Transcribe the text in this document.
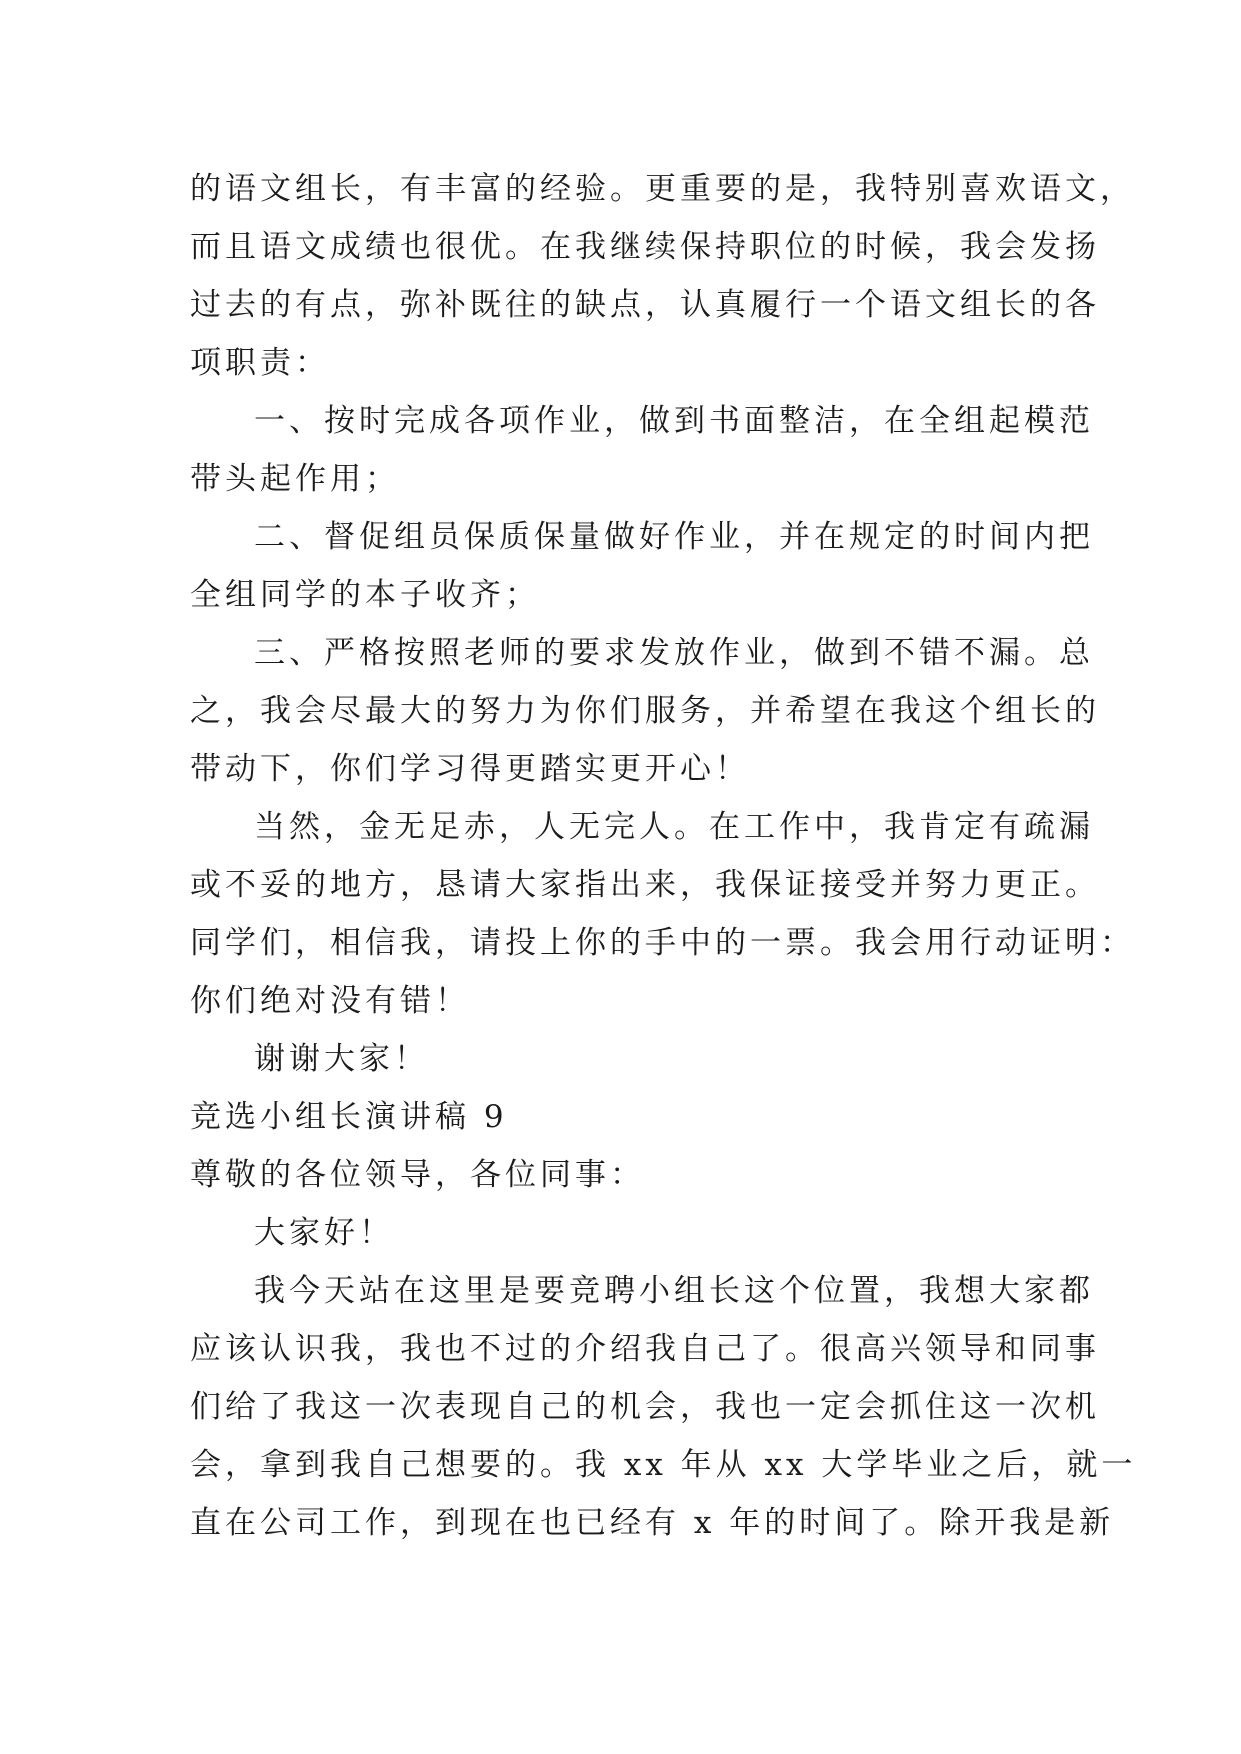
的语文组长，有丰富的经验。更重要的是，我特别喜欢语文，
而且语文成绩也很优。在我继续保持职位的时候，我会发扬
过去的有点，弥补既往的缺点，认真履行一个语文组长的各
项职责：
一、按时完成各项作业，做到书面整洁，在全组起模范
带头起作用；
二、督促组员保质保量做好作业，并在规定的时间内把
全组同学的本子收齐；
三、严格按照老师的要求发放作业，做到不错不漏。总
之，我会尽最大的努力为你们服务，并希望在我这个组长的
带动下，你们学习得更踏实更开心！
当然，金无足赤，人无完人。在工作中，我肯定有疏漏
或不妥的地方，恳请大家指出来，我保证接受并努力更正。
同学们，相信我，请投上你的手中的一票。我会用行动证明：
你们绝对没有错！
谢谢大家！
竞选小组长演讲稿 9
尊敬的各位领导，各位同事：
大家好！
我今天站在这里是要竞聘小组长这个位置，我想大家都
应该认识我，我也不过的介绍我自己了。很高兴领导和同事
们给了我这一次表现自己的机会，我也一定会抓住这一次机
会，拿到我自己想要的。我 xx 年从 xx 大学毕业之后，就一
直在公司工作，到现在也已经有 x 年的时间了。除开我是新
